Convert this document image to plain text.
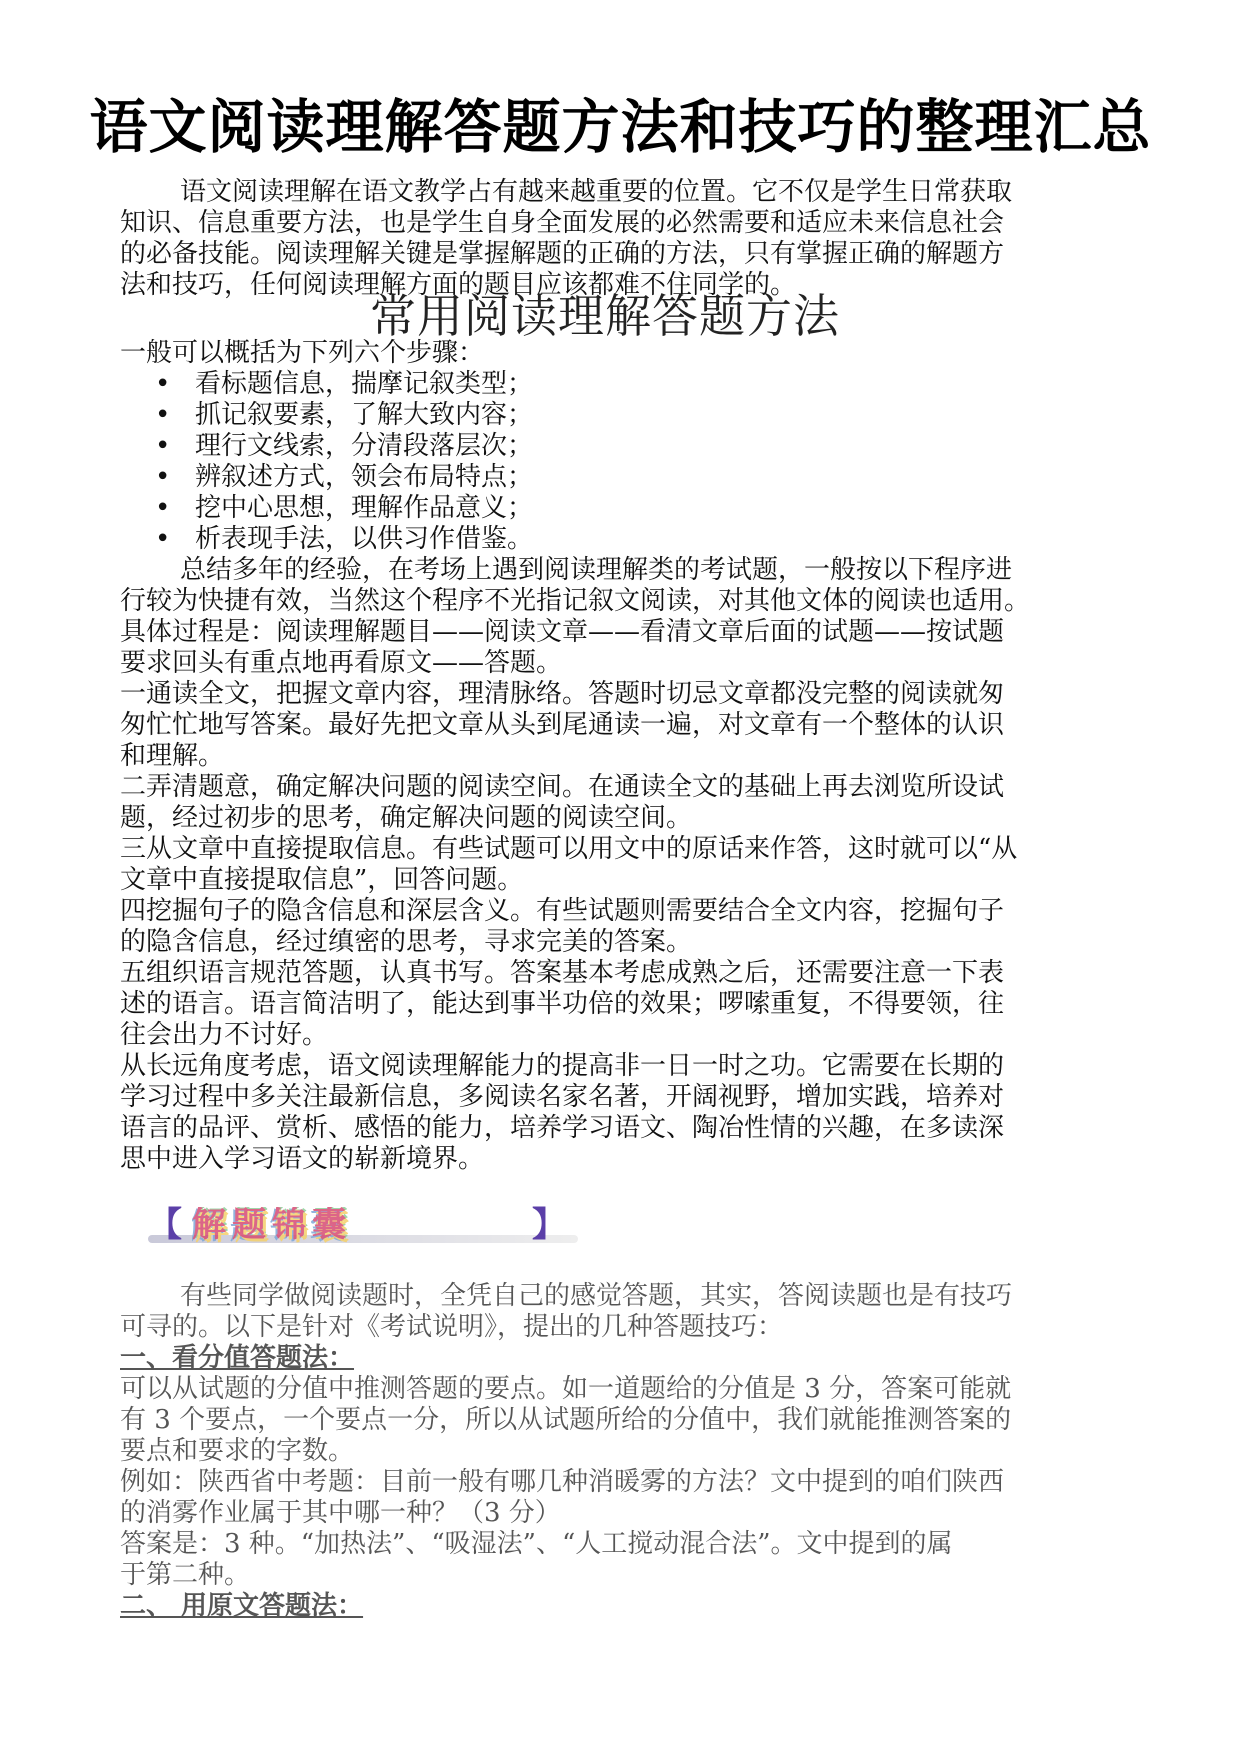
语文阅读理解答题方法和技巧的整理汇总
语文阅读理解在语文教学占有越来越重要的位置。它不仅是学生日常获取
知识、信息重要方法，也是学生自身全面发展的必然需要和适应未来信息社会
的必备技能。阅读理解关键是掌握解题的正确的方法，只有掌握正确的解题方
法和技巧，任何阅读理解方面的题目应该都难不住同学的。
常用阅读理解答题方法
一般可以概括为下列六个步骤：
• 看标题信息，揣摩记叙类型；
• 抓记叙要素，了解大致内容；
• 理行文线索，分清段落层次；
• 辨叙述方式，领会布局特点；
• 挖中心思想，理解作品意义；
• 析表现手法，以供习作借鉴。
总结多年的经验，在考场上遇到阅读理解类的考试题，一般按以下程序进
行较为快捷有效，当然这个程序不光指记叙文阅读，对其他文体的阅读也适用。
具体过程是：阅读理解题目——阅读文章——看清文章后面的试题——按试题
要求回头有重点地再看原文——答题。
一通读全文，把握文章内容，理清脉络。答题时切忌文章都没完整的阅读就匆
匆忙忙地写答案。最好先把文章从头到尾通读一遍，对文章有一个整体的认识
和理解。
二弄清题意，确定解决问题的阅读空间。在通读全文的基础上再去浏览所设试
题，经过初步的思考，确定解决问题的阅读空间。
三从文章中直接提取信息。有些试题可以用文中的原话来作答，这时就可以“从
文章中直接提取信息”，回答问题。
四挖掘句子的隐含信息和深层含义。有些试题则需要结合全文内容，挖掘句子
的隐含信息，经过缜密的思考，寻求完美的答案。
五组织语言规范答题，认真书写。答案基本考虑成熟之后，还需要注意一下表
述的语言。语言简洁明了，能达到事半功倍的效果；啰嗦重复，不得要领，往
往会出力不讨好。
从长远角度考虑，语文阅读理解能力的提高非一日一时之功。它需要在长期的
学习过程中多关注最新信息，多阅读名家名著，开阔视野，增加实践，培养对
语言的品评、赏析、感悟的能力，培养学习语文、陶冶性情的兴趣，在多读深
思中进入学习语文的崭新境界。
【 解题锦囊	】
有些同学做阅读题时，全凭自己的感觉答题，其实，答阅读题也是有技巧
可寻的。以下是针对《考试说明》，提出的几种答题技巧：
一、看分值答题法：
可以从试题的分值中推测答题的要点。如一道题给的分值是 3 分，答案可能就
有 3 个要点，一个要点一分，所以从试题所给的分值中，我们就能推测答案的
要点和要求的字数。
例如：陕西省中考题：目前一般有哪几种消暖雾的方法？文中提到的咱们陕西
的消雾作业属于其中哪一种？（3 分）
答案是：3 种。“加热法”、“吸湿法”、“人工搅动混合法”。文中提到的属
于第二种。
二、 用原文答题法：
